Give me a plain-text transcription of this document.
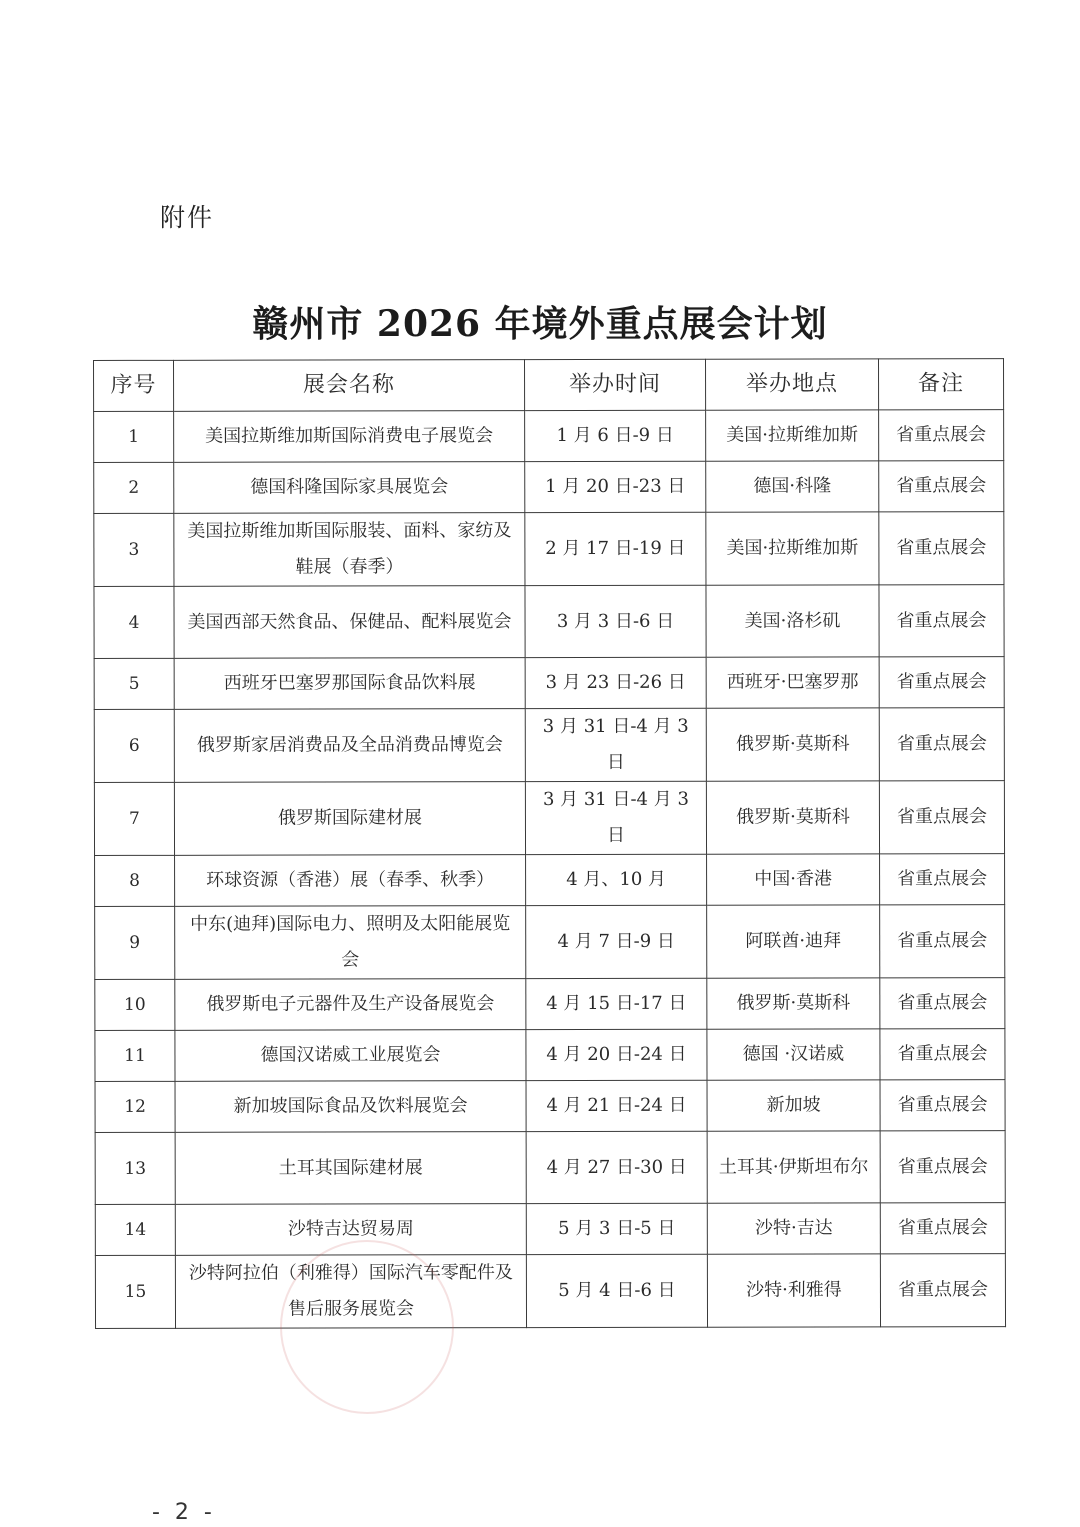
附件
赣州市 2026 年境外重点展会计划
序号	展会名称	举办时间	举办地点	备注
1	美国拉斯维加斯国际消费电子展览会	1 月 6 日-9 日	美国·拉斯维加斯	省重点展会
2	德国科隆国际家具展览会	1 月 20 日-23 日	德国·科隆	省重点展会
3	美国拉斯维加斯国际服装、面料、家纺及鞋展（春季）	2 月 17 日-19 日	美国·拉斯维加斯	省重点展会
4	美国西部天然食品、保健品、配料展览会	3 月 3 日-6 日	美国·洛杉矶	省重点展会
5	西班牙巴塞罗那国际食品饮料展	3 月 23 日-26 日	西班牙·巴塞罗那	省重点展会
6	俄罗斯家居消费品及全品消费品博览会	3 月 31 日-4 月 3 日	俄罗斯·莫斯科	省重点展会
7	俄罗斯国际建材展	3 月 31 日-4 月 3 日	俄罗斯·莫斯科	省重点展会
8	环球资源（香港）展（春季、秋季）	4 月、10 月	中国·香港	省重点展会
9	中东(迪拜)国际电力、照明及太阳能展览会	4 月 7 日-9 日	阿联酋·迪拜	省重点展会
10	俄罗斯电子元器件及生产设备展览会	4 月 15 日-17 日	俄罗斯·莫斯科	省重点展会
11	德国汉诺威工业展览会	4 月 20 日-24 日	德国 ·汉诺威	省重点展会
12	新加坡国际食品及饮料展览会	4 月 21 日-24 日	新加坡	省重点展会
13	土耳其国际建材展	4 月 27 日-30 日	土耳其·伊斯坦布尔	省重点展会
14	沙特吉达贸易周	5 月 3 日-5 日	沙特·吉达	省重点展会
15	沙特阿拉伯（利雅得）国际汽车零配件及售后服务展览会	5 月 4 日-6 日	沙特·利雅得	省重点展会
- 2 -
